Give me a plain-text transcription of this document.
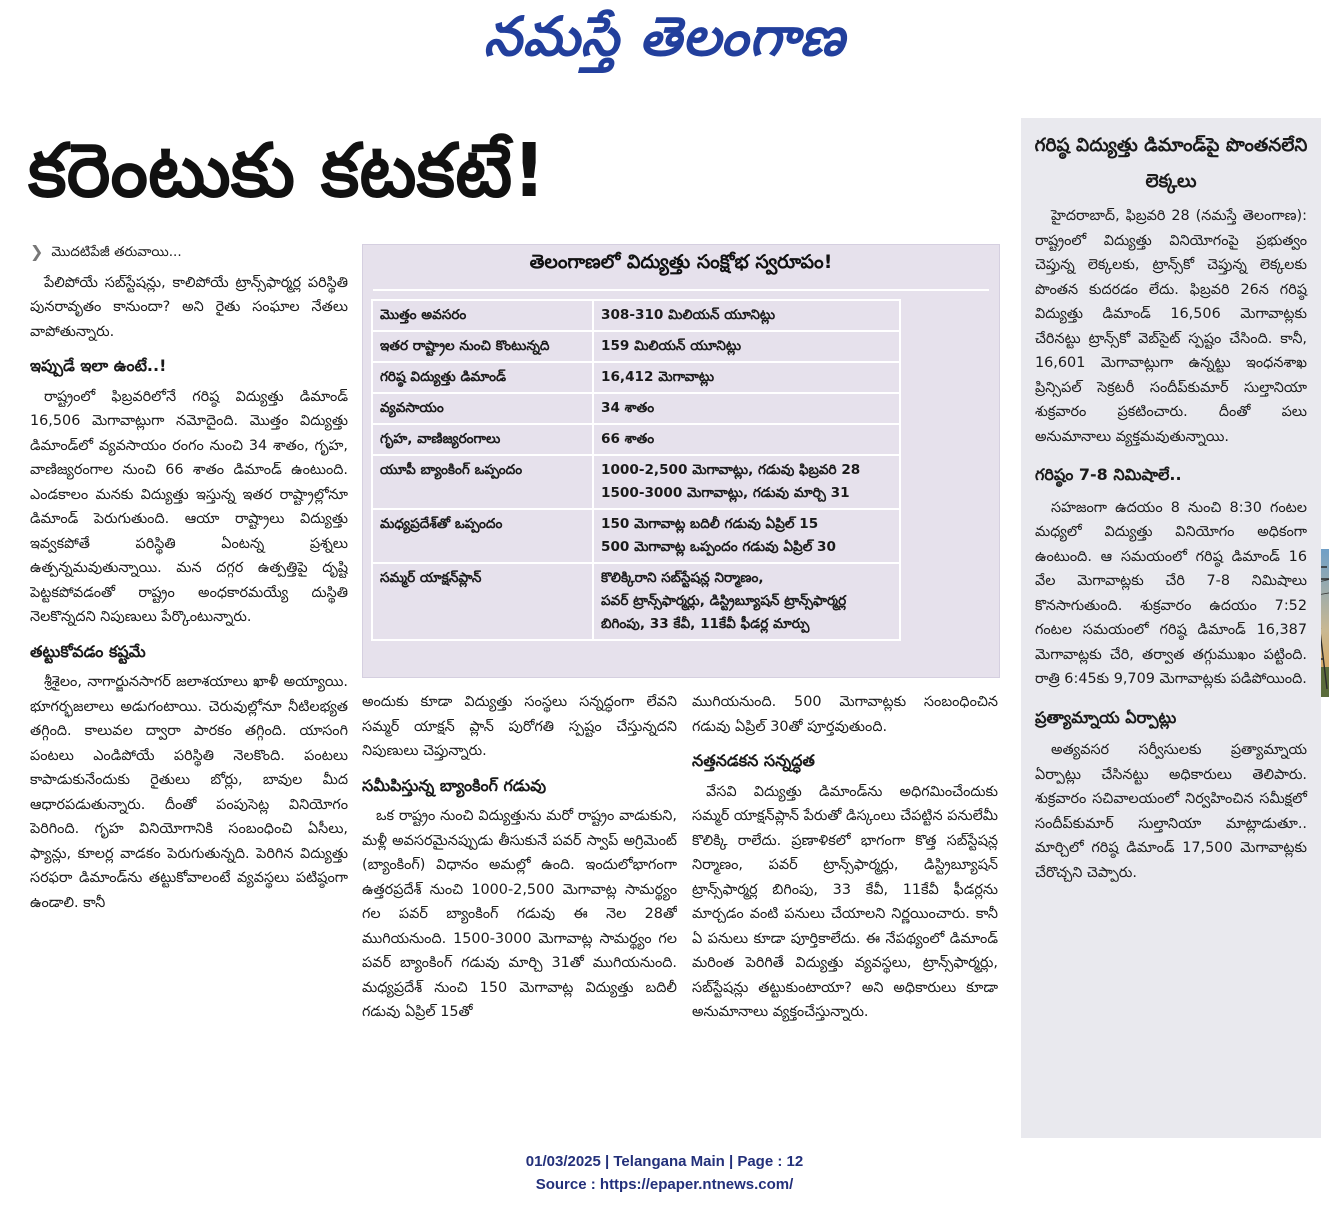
నమస్తే తెలంగాణ
కరెంటుకు కటకటే!
❯ మొదటిపేజీ తరువాయి...

పేలిపోయే సబ్‌స్టేషన్లు, కాలిపోయే ట్రాన్స్‌ఫార్మర్ల పరిస్థితి పునరావృతం కానుందా? అని రైతు సంఘాల నేతలు వాపోతున్నారు.

ఇప్పుడే ఇలా ఉంటే..!

రాష్ట్రంలో ఫిబ్రవరిలోనే గరిష్ఠ విద్యుత్తు డిమాండ్‌ 16,506 మెగావాట్లుగా నమోదైంది. మొత్తం విద్యుత్తు డిమాండ్‌లో వ్యవసాయం రంగం నుంచి 34 శాతం, గృహ, వాణిజ్యరంగాల నుంచి 66 శాతం డిమాండ్‌ ఉంటుంది. ఎండకాలం మనకు విద్యుత్తు ఇస్తున్న ఇతర రాష్ట్రాల్లోనూ డిమాండ్‌ పెరుగుతుంది. ఆయా రాష్ట్రాలు విద్యుత్తు ఇవ్వకపోతే పరిస్థితి ఏంటన్న ప్రశ్నలు ఉత్పన్నమవుతున్నాయి. మన దగ్గర ఉత్పత్తిపై దృష్టి పెట్టకపోవడంతో రాష్ట్రం అంధకారమయ్యే దుస్థితి నెలకొన్నదని నిపుణులు పేర్కొంటున్నారు.

తట్టుకోవడం కష్టమే

శ్రీశైలం, నాగార్జునసాగర్‌ జలాశయాలు ఖాళీ అయ్యాయి. భూగర్భజలాలు అడుగంటాయి. చెరువుల్లోనూ నీటిలభ్యత తగ్గింది. కాలువల ద్వారా పారకం తగ్గింది. యాసంగి పంటలు ఎండిపోయే పరిస్థితి నెలకొంది. పంటలు కాపాడుకునేందుకు రైతులు బోర్లు, బావుల మీద ఆధారపడుతున్నారు. దీంతో పంపుసెట్ల వినియోగం పెరిగింది. గృహ వినియోగానికి సంబంధించి ఏసీలు, ఫ్యాన్లు, కూలర్ల వాడకం పెరుగుతున్నది. పెరిగిన విద్యుత్తు సరఫరా డిమాండ్‌ను తట్టుకోవాలంటే వ్యవస్థలు పటిష్ఠంగా ఉండాలి. కానీ

తెలంగాణలో విద్యుత్తు సంక్షోభ స్వరూపం!
మొత్తం అవసరం	308-310 మిలియన్‌ యూనిట్లు
ఇతర రాష్ట్రాల నుంచి కొంటున్నది	159 మిలియన్‌ యూనిట్లు
గరిష్ఠ విద్యుత్తు డిమాండ్‌	16,412 మెగావాట్లు
వ్యవసాయం	34 శాతం
గృహ, వాణిజ్యరంగాలు	66 శాతం
యూపీ బ్యాంకింగ్‌ ఒప్పందం	1000-2,500 మెగావాట్లు, గడువు ఫిబ్రవరి 28
1500-3000 మెగావాట్లు, గడువు మార్చి 31

మధ్యప్రదేశ్‌తో ఒప్పందం	150 మెగావాట్ల బదిలీ గడువు ఏప్రిల్‌ 15
500 మెగావాట్ల ఒప్పందం గడువు ఏప్రిల్‌ 30

సమ్మర్‌ యాక్షన్‌ప్లాన్‌	కొలిక్కిరాని సబ్‌స్టేషన్ల నిర్మాణం,
పవర్‌ ట్రాన్స్‌ఫార్మర్లు, డిస్ట్రిబ్యూషన్‌ ట్రాన్స్‌ఫార్మర్ల
బిగింపు, 33 కేవీ, 11కేవీ ఫీడర్ల మార్పు

అందుకు కూడా విద్యుత్తు సంస్థలు సన్నద్ధంగా లేవని సమ్మర్‌ యాక్షన్‌ ప్లాన్‌ పురోగతి స్పష్టం చేస్తున్నదని నిపుణులు చెప్తున్నారు.

సమీపిస్తున్న బ్యాంకింగ్‌ గడువు

ఒక రాష్ట్రం నుంచి విద్యుత్తును మరో రాష్ట్రం వాడుకుని, మళ్లీ అవసరమైనప్పుడు తీసుకునే పవర్‌ స్వాప్‌ అగ్రిమెంట్‌ (బ్యాంకింగ్‌) విధానం అమల్లో ఉంది. ఇందులోభాగంగా ఉత్తరప్రదేశ్‌ నుంచి 1000-2,500 మెగావాట్ల సామర్థ్యం గల పవర్‌ బ్యాంకింగ్‌ గడువు ఈ నెల 28తో ముగియనుంది. 1500-3000 మెగావాట్ల సామర్థ్యం గల పవర్‌ బ్యాంకింగ్‌ గడువు మార్చి 31తో ముగియనుంది. మధ్యప్రదేశ్‌ నుంచి 150 మెగావాట్ల విద్యుత్తు బదిలీ గడువు ఏప్రిల్‌ 15తో

ముగియనుంది. 500 మెగావాట్లకు సంబంధించిన గడువు ఏప్రిల్‌ 30తో పూర్తవుతుంది.

నత్తనడకన సన్నద్ధత

వేసవి విద్యుత్తు డిమాండ్‌ను అధిగమించేందుకు సమ్మర్‌ యాక్షన్‌ప్లాన్‌ పేరుతో డిస్కంలు చేపట్టిన పనులేమీ కొలిక్కి రాలేదు. ప్రణాళికలో భాగంగా కొత్త సబ్‌స్టేషన్ల నిర్మాణం, పవర్‌ ట్రాన్స్‌ఫార్మర్లు, డిస్ట్రిబ్యూషన్‌ ట్రాన్స్‌ఫార్మర్ల బిగింపు, 33 కేవీ, 11కేవీ ఫీడర్లను మార్చడం వంటి పనులు చేయాలని నిర్ణయించారు. కానీ ఏ పనులు కూడా పూర్తికాలేదు. ఈ నేపథ్యంలో డిమాండ్‌ మరింత పెరిగితే విద్యుత్తు వ్యవస్థలు, ట్రాన్స్‌ఫార్మర్లు, సబ్‌స్టేషన్లు తట్టుకుంటాయా? అని అధికారులు కూడా అనుమానాలు వ్యక్తంచేస్తున్నారు.

గరిష్ఠ విద్యుత్తు డిమాండ్‌పై పొంతనలేని లెక్కలు

హైదరాబాద్‌, ఫిబ్రవరి 28 (నమస్తే తెలంగాణ): రాష్ట్రంలో విద్యుత్తు వినియోగంపై ప్రభుత్వం చెప్తున్న లెక్కలకు, ట్రాన్స్‌కో చెప్తున్న లెక్కలకు పొంతన కుదరడం లేదు. ఫిబ్రవరి 26న గరిష్ఠ విద్యుత్తు డిమాండ్‌ 16,506 మెగావాట్లకు చేరినట్టు ట్రాన్స్‌కో వెబ్‌సైట్‌ స్పష్టం చేసింది. కానీ, 16,601 మెగావాట్లుగా ఉన్నట్టు ఇంధనశాఖ ప్రిన్సిపల్‌ సెక్రటరీ సందీప్‌కుమార్‌ సుల్తానియా శుక్రవారం ప్రకటించారు. దీంతో పలు అనుమానాలు వ్యక్తమవుతున్నాయి.

గరిష్ఠం 7-8 నిమిషాలే..

సహజంగా ఉదయం 8 నుంచి 8:30 గంటల మధ్యలో విద్యుత్తు వినియోగం అధికంగా ఉంటుంది. ఆ సమయంలో గరిష్ఠ డిమాండ్‌ 16 వేల మెగావాట్లకు చేరి 7-8 నిమిషాలు కొనసాగుతుంది. శుక్రవారం ఉదయం 7:52 గంటల సమయంలో గరిష్ఠ డిమాండ్‌ 16,387 మెగావాట్లకు చేరి, తర్వాత తగ్గుముఖం పట్టింది. రాత్రి 6:45కు 9,709 మెగావాట్లకు పడిపోయింది.

ప్రత్యామ్నాయ ఏర్పాట్లు

అత్యవసర సర్వీసులకు ప్రత్యామ్నాయ ఏర్పాట్లు చేసినట్టు అధికారులు తెలిపారు. శుక్రవారం సచివాలయంలో నిర్వహించిన సమీక్షలో సందీప్‌కుమార్‌ సుల్తానియా మాట్లాడుతూ.. మార్చిలో గరిష్ఠ డిమాండ్‌ 17,500 మెగావాట్లకు చేరొచ్చని చెప్పారు.

01/03/2025 | Telangana Main | Page : 12
Source : https://epaper.ntnews.com/
